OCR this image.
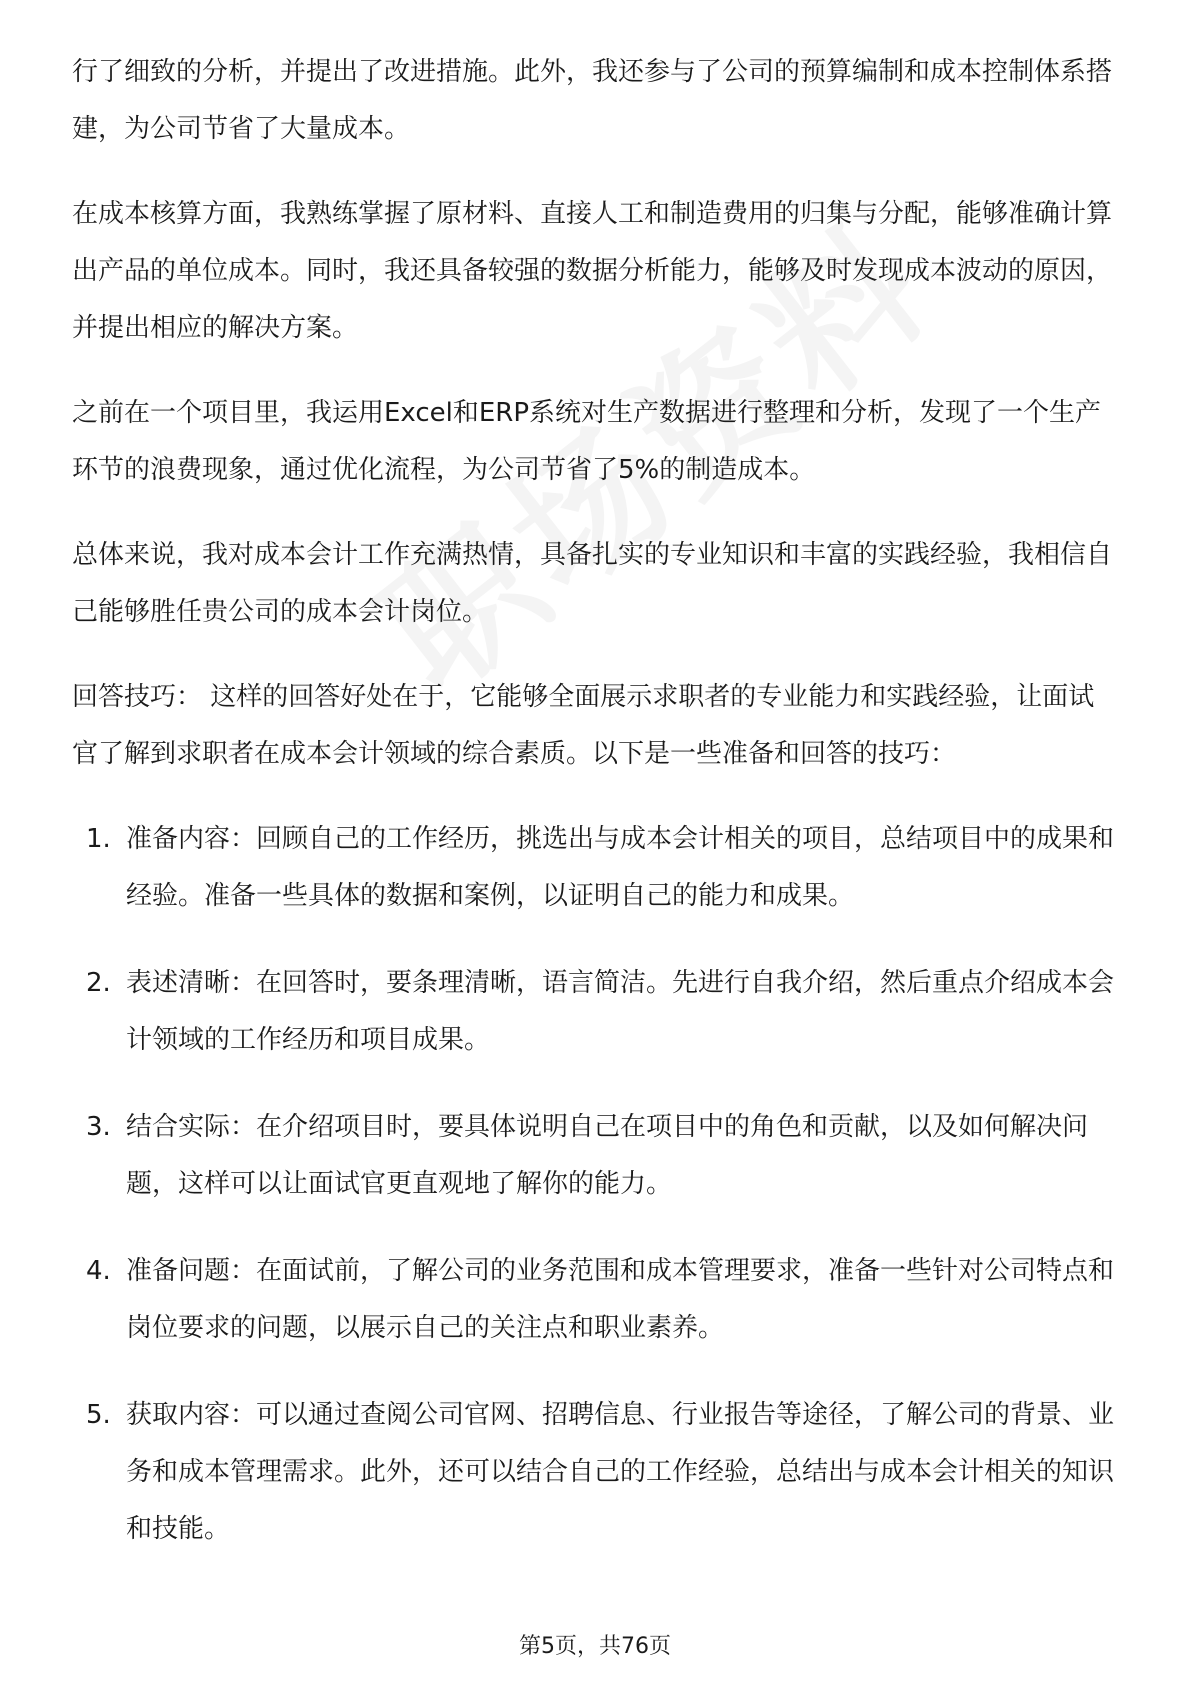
行了细致的分析，并提出了改进措施。此外，我还参与了公司的预算编制和成本控制体系搭建，为公司节省了大量成本。

在成本核算方面，我熟练掌握了原材料、直接人工和制造费用的归集与分配，能够准确计算出产品的单位成本。同时，我还具备较强的数据分析能力，能够及时发现成本波动的原因，并提出相应的解决方案。

之前在一个项目里，我运用Excel和ERP系统对生产数据进行整理和分析，发现了一个生产环节的浪费现象，通过优化流程，为公司节省了5%的制造成本。

总体来说，我对成本会计工作充满热情，具备扎实的专业知识和丰富的实践经验，我相信自己能够胜任贵公司的成本会计岗位。

回答技巧： 这样的回答好处在于，它能够全面展示求职者的专业能力和实践经验，让面试官了解到求职者在成本会计领域的综合素质。以下是一些准备和回答的技巧：

1. 准备内容：回顾自己的工作经历，挑选出与成本会计相关的项目，总结项目中的成果和经验。准备一些具体的数据和案例，以证明自己的能力和成果。
2. 表述清晰：在回答时，要条理清晰，语言简洁。先进行自我介绍，然后重点介绍成本会计领域的工作经历和项目成果。
3. 结合实际：在介绍项目时，要具体说明自己在项目中的角色和贡献，以及如何解决问题，这样可以让面试官更直观地了解你的能力。
4. 准备问题：在面试前，了解公司的业务范围和成本管理要求，准备一些针对公司特点和岗位要求的问题，以展示自己的关注点和职业素养。
5. 获取内容：可以通过查阅公司官网、招聘信息、行业报告等途径，了解公司的背景、业务和成本管理需求。此外，还可以结合自己的工作经验，总结出与成本会计相关的知识和技能。
第5页，共76页
